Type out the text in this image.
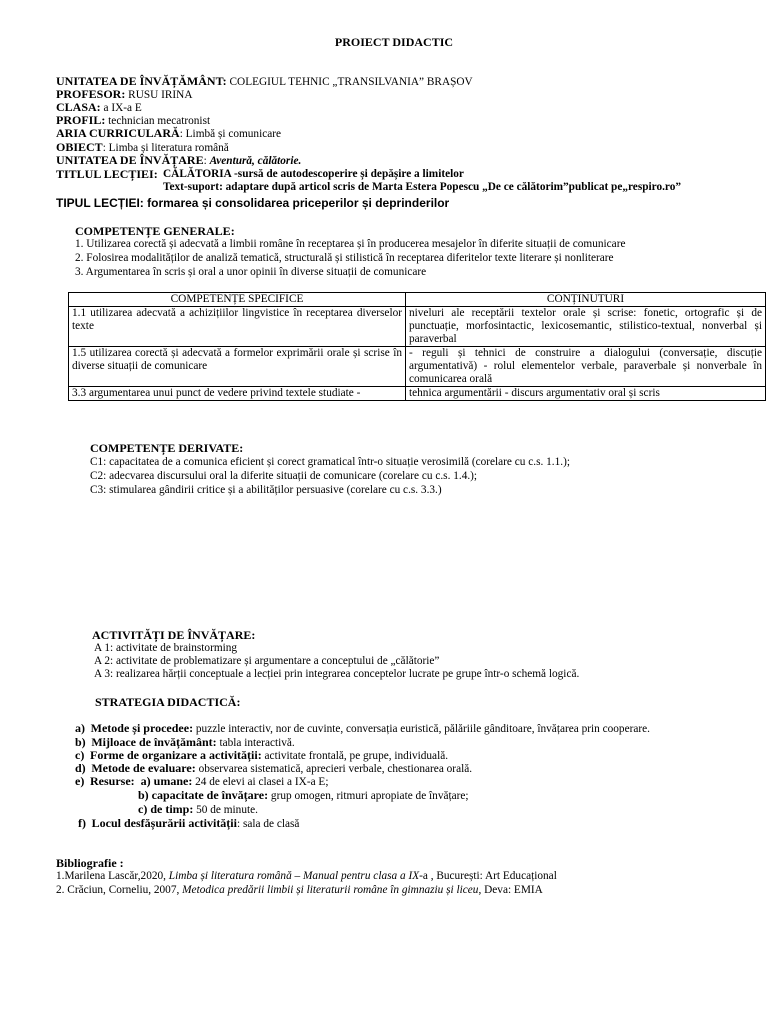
PROIECT DIDACTIC
UNITATEA DE ÎNVĂȚĂMÂNT: COLEGIUL TEHNIC „TRANSILVANIA” BRAȘOV
PROFESOR: RUSU IRINA
CLASA: a IX-a E
PROFIL: technician mecatronist
ARIA CURRICULARĂ: Limbă și comunicare
OBIECT: Limba și literatura română
UNITATEA DE ÎNVĂȚARE: Aventură, călătorie.
TITLUL LECȚIEI: CĂLĂTORIA -sursă de autodescoperire și depășire a limitelor
Text-suport: adaptare după articol scris de Marta Estera Popescu „De ce călătorim”publicat pe„respiro.ro”
TIPUL LECȚIEI: formarea și consolidarea priceperilor și deprinderilor
COMPETENȚE GENERALE:
1. Utilizarea corectă și adecvată a limbii române în receptarea și în producerea mesajelor în diferite situații de comunicare
2. Folosirea modalităților de analiză tematică, structurală și stilistică în receptarea diferitelor texte literare și nonliterare
3. Argumentarea în scris și oral a unor opinii în diverse situații de comunicare
COMPETENȚE SPECIFICE	CONȚINUTURI
1.1 utilizarea adecvată a achizițiilor lingvistice în receptarea diverselor texte	niveluri ale receptării textelor orale și scrise: fonetic, ortografic și de punctuație, morfosintactic, lexicosemantic, stilistico-textual, nonverbal și paraverbal
1.5 utilizarea corectă și adecvată a formelor exprimării orale și scrise în diverse situații de comunicare	- reguli și tehnici de construire a dialogului (conversație, discuție argumentativă) - rolul elementelor verbale, paraverbale și nonverbale în comunicarea orală
3.3 argumentarea unui punct de vedere privind textele studiate -	tehnica argumentării - discurs argumentativ oral și scris
COMPETENȚE DERIVATE:
C1: capacitatea de a comunica eficient și corect gramatical într-o situație verosimilă (corelare cu c.s. 1.1.);
C2: adecvarea discursului oral la diferite situații de comunicare (corelare cu c.s. 1.4.);
C3: stimularea gândirii critice și a abilităților persuasive (corelare cu c.s. 3.3.)
ACTIVITĂȚI DE ÎNVĂȚARE:
A 1: activitate de brainstorming
A 2: activitate de problematizare și argumentare a conceptului de „călătorie”
A 3: realizarea hărții conceptuale a lecției prin integrarea conceptelor lucrate pe grupe într-o schemă logică.
STRATEGIA DIDACTICĂ:
a) Metode și procedee: puzzle interactiv, nor de cuvinte, conversația euristică, pălăriile gânditoare, învățarea prin cooperare.
b) Mijloace de învățământ: tabla interactivă.
c) Forme de organizare a activității: activitate frontală, pe grupe, individuală.
d) Metode de evaluare: observarea sistematică, aprecieri verbale, chestionarea orală.
e) Resurse:  a) umane: 24 de elevi ai clasei a IX-a E;
b) capacitate de învățare: grup omogen, ritmuri apropiate de învățare;
c) de timp: 50 de minute.
f) Locul desfășurării activității: sala de clasă
Bibliografie :
1.Marilena Lascăr,2020, Limba și literatura română – Manual pentru clasa a IX-a , București: Art Educațional
2. Crăciun, Corneliu, 2007, Metodica predării limbii și literaturii române în gimnaziu și liceu, Deva: EMIA
